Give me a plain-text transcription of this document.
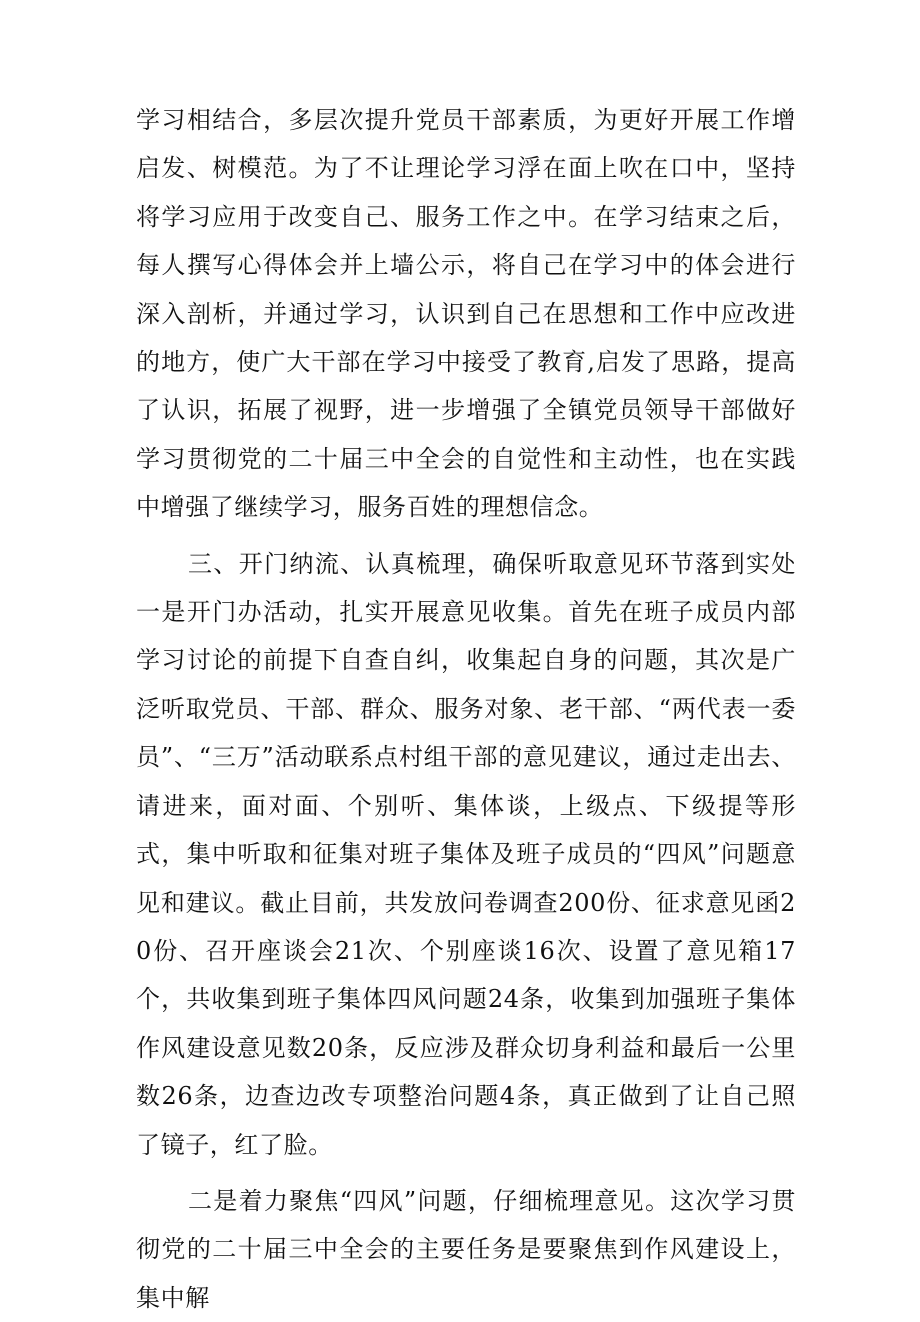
学习相结合，多层次提升党员干部素质，为更好开展工作增启发、树模范。为了不让理论学习浮在面上吹在口中，坚持将学习应用于改变自己、服务工作之中。在学习结束之后，每人撰写心得体会并上墙公示，将自己在学习中的体会进行深入剖析，并通过学习，认识到自己在思想和工作中应改进的地方，使广大干部在学习中接受了教育,启发了思路，提高了认识，拓展了视野，进一步增强了全镇党员领导干部做好学习贯彻党的二十届三中全会的自觉性和主动性，也在实践中增强了继续学习，服务百姓的理想信念。

三、开门纳流、认真梳理，确保听取意见环节落到实处一是开门办活动，扎实开展意见收集。首先在班子成员内部学习讨论的前提下自查自纠，收集起自身的问题，其次是广泛听取党员、干部、群众、服务对象、老干部、“两代表一委员”、“三万”活动联系点村组干部的意见建议，通过走出去、请进来，面对面、个别听、集体谈，上级点、下级提等形式，集中听取和征集对班子集体及班子成员的“四风”问题意见和建议。截止目前，共发放问卷调查200份、征求意见函20份、召开座谈会21次、个别座谈16次、设置了意见箱17个，共收集到班子集体四风问题24条，收集到加强班子集体作风建设意见数20条，反应涉及群众切身利益和最后一公里数26条，边查边改专项整治问题4条，真正做到了让自己照了镜子，红了脸。

二是着力聚焦“四风”问题，仔细梳理意见。这次学习贯彻党的二十届三中全会的主要任务是要聚焦到作风建设上，集中解
